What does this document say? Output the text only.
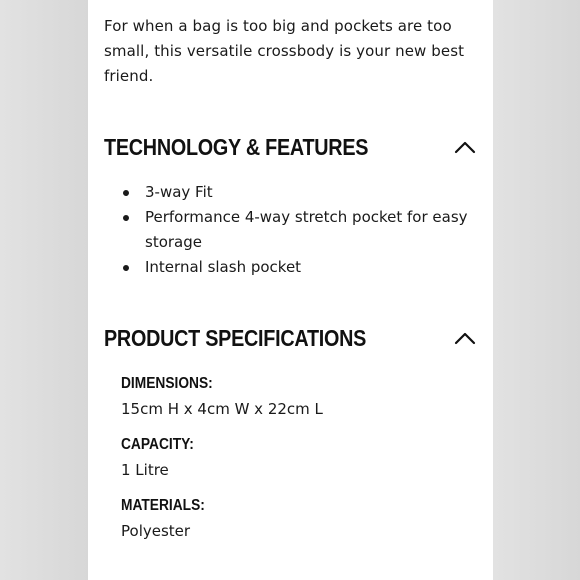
For when a bag is too big and pockets are too small, this versatile crossbody is your new best friend.

TECHNOLOGY & FEATURES
3-way Fit
Performance 4-way stretch pocket for easy storage
Internal slash pocket
PRODUCT SPECIFICATIONS
DIMENSIONS:
15cm H x 4cm W x 22cm L
CAPACITY:
1 Litre
MATERIALS:
Polyester
